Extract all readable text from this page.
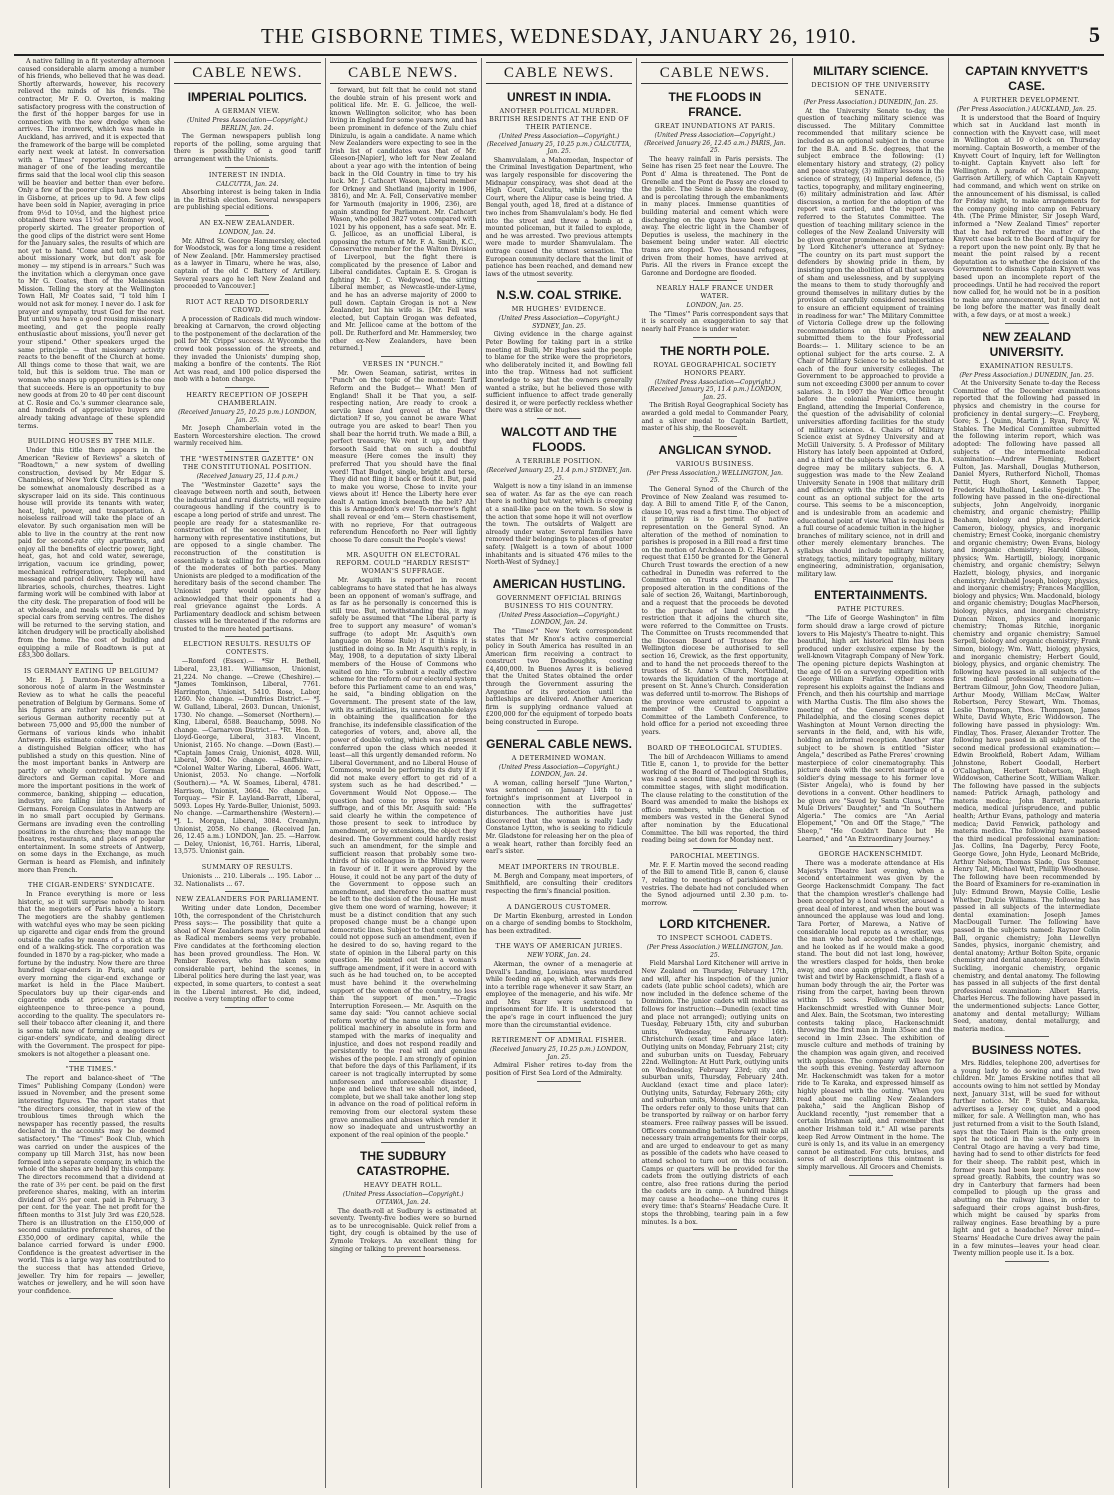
THE GISBORNE TIMES, WEDNESDAY, JANUARY 26, 1910.	5

A native falling in a fit yesterday afternoon caused considerable alarm among a number of his friends, who believed that he was dead. Shortly afterwards, however, his recovery relieved the minds of his friends. The contractor, Mr F. O. Overton, is making satisfactory progress with the construction of the first of the hopper barges for use in connection with the new dredge when she arrives. The ironwork, which was made in Auckland, has arrived, and it is expected that the framework of the barge will be completed early next week at latest. In conversation with a "Times" reporter yesterday, the manager of one of the leading mercantile firms said that the local wool clip this season will be heavier and better than ever before. Only a few of the poorer clips have been sold in Gisborne, at prices up to 9d. A few clips have been sold in Napier, averaging in price from 9½d to 10½d, and the highest price obtained there was 11½d for Romney wool, properly skirted. The greater proportion of the good clips of the district were sent Home for the January sales, the results of which are not yet to hand. "Come and tell my people about missionary work, but don't ask for money — my stipend is in arrears." Such was the invitation which a clergyman once gave to Mr G. Coates, then of the Melanesian Mission. Telling the story at the Wellington Town Hall, Mr Coates said, "I told him I would not ask for money. I never do. I ask for prayer and sympathy, trust God for the rest. But until you have a good rousing missionary meeting, and get the people really enthusiastic about missions, you'll never get your stipend." Other speakers urged the same principle — that missionary activity reacts to the benefit of the Church at home. All things come to those that wait, we are told, but this is seldom true. The man or woman who snaps up opportunities is the one that succeeds. Here is an opportunity to buy new goods at from 20 to 40 per cent discount at C. Rosie and Co.'s summer clearance sale, and hundreds of appreciative buyers are already taking advantage of these splendid terms.

BUILDING HOUSES BY THE MILE.

Under this title there appears in the American "Review of Reviews" a sketch of "Roadtown," a new system of dwelling construction, devised by Mr Edgar S. Chambless, of New York City. Perhaps it may be somewhat anomalously described as a skyscraper laid on its side. This continuous house will provide its tenants with water, heat, light, power, and transportation. A noiseless railroad will take the place of an elevator. By such organisation men will be able to live in the country at the rent now paid for second-rate city apartments, and enjoy all the benefits of electric power, light, heat, gas, hot and cold water, sewerage, irrigation, vacuum ice grinding, power, mechanical refrigeration, telephone, and message and parcel delivery. They will have libraries, schools, churches, theatres. Light farming work will be combined with labor at the city desk. The preparation of food will be at wholesale, and meals will be ordered by special cars from serving centres. The dishes will be returned to the serving station, and kitchen drudgery will be practically abolished from the home. The cost of building and equipping a mile of Roadtown is put at £83,300 dollars.

IS GERMANY EATING UP BELGIUM?

Mr. H. J. Darnton-Fraser sounds a sonorous note of alarm in the Westminster Review as to what he calls the peaceful penetration of Belgium by Germans. Some of his figures are rather remarkable — "A serious German authority recently put at between 75,000 and 95,000 the number of Germans of various kinds who inhabit Antwerp. His estimate coincides with that of a distinguished Belgian officer, who has published a study on this question. Nine of the most important banks in Antwerp are partly or wholly controlled by German directors and German capital. More and more the important positions in the work of commerce, banking, shipping — education, industry, are falling into the hands of Germans. Foreign Consulates in Antwerp are in no small part occupied by Germans. Germans are invading even the controlling positions in the churches; they manage the theatres, restaurants, and places of popular entertainment. In some streets of Antwerp, on some days in the Exchange, as much German is heard as Flemish, and infinitely more than French.

THE CIGAR-ENDERS' SYNDICATE.

In France everything is more or less historic, so it will surprise nobody to learn that the megotiers of Paris have a history. The megotiers are the shabby gentlemen with watchful eyes who may be seen picking up cigarette and cigar ends from the ground outside the cafes by means of a stick at the end of a walking-stick. The corporation was founded in 1870 by a rag-picker, who made a fortune by the industry. Now there are three hundred cigar-enders in Paris, and early every morning the cigar-end exchange or market is held in the Place Maubert. Speculators buy up their cigar-ends and cigarette ends at prices varying from eighteenpence to three-pence a pound, according to the quality. The speculators re-sell their tobacco after cleaning it, and there is some talk now of forming a megotiers or cigar-enders' syndicate, and dealing direct with the Government. The prospect for pipe-smokers is not altogether a pleasant one.

"THE TIMES."

The report and balance-sheet of "The Times" Publishing Company (London) were issued in November, and the present some interesting figures. The report states that "the directors consider, that in view of the troublous times through which the newspaper has recently passed, the results declared in the accounts may be deemed satisfactory." The "Times" Book Club, which was carried on under the auspices of the company up till March 31st, has now been formed into a separate company, in which the whole of the shares are held by this company. The directors recommend that a dividend at the rate of 3½ per cent. be paid on the first preference shares, making, with an interim dividend of 3½ per cent. paid in February, 3 per cent. for the year. The net profit for the fifteen months to 31st July 3rd was £20,528. There is an illustration on the £150,000 of second cumulative preference shares, of the £350,000 of ordinary capital, while the balance carried forward is under £900. Confidence is the greatest advertiser in the world. This is a large way has contributed to the success that has attended Grieve, jeweller. Try him for repairs — jeweller, watches or jewellery, and he will soon have your confidence.

CABLE NEWS.
IMPERIAL POLITICS.
A GERMAN VIEW.
(United Press Association—Copyright.) BERLIN, Jan. 24.

The German newspapers publish long reports of the polling, some arguing that there is possibility of a good tariff arrangement with the Unionists.

INTEREST IN INDIA.
CALCUTTA, Jan. 24.

Absorbing interest is being taken in India in the British election. Several newspapers are publishing special editions.

AN EX-NEW ZEALANDER.
LONDON, Jan. 24.

Mr. Alfred St. George Hammersley, elected for Woodstock, was for a long time a resident of New Zealand. [Mr. Hammersley practised as a lawyer in Timaru, where he was, also, captain of the old C Battery of Artillery. Several years ago he left New Zealand and proceeded to Vancouver.]

RIOT ACT READ TO DISORDERLY CROWD.

A procession of Radicals did much window-breaking at Carnarvon, the crowd objecting to the postponement of the declaration of the poll for Mr. Cripps' success. At Wycombe the crowd took possession of the streets, and they invaded the Unionists' dumping shop, making a bonfire of the contents. The Riot Act was read, and 100 police dispersed the mob with a baton charge.

HEARTY RECEPTION OF JOSEPH CHAMBERLAIN.
(Received January 25, 10.25 p.m.) LONDON, Jan. 25.

Mr. Joseph Chamberlain voted in the Eastern Worcestershire election. The crowd warmly received him.

THE "WESTMINSTER GAZETTE" ON THE CONSTITUTIONAL POSITION.
(Received January 25, 11.4 p.m.)

The "Westminster Gazette" says the cleavage between north and south, between the industrial and rural districts, will require courageous handling if the country is to escape a long period of strife and unrest. The people are ready for a statesmanlike re-construction of the second chamber, in harmony with representative institutions, but are opposed to a single chamber. The reconstruction of the constitution is essentially a task calling for the co-operation of the moderates of both parties. Many Unionists are pledged to a modification of the hereditary basis of the second chamber. The Unionist party would gain if they acknowledged that their opponents had a real grievance against the Lords. A Parliamentary deadlock and schism between classes will be threatened if the reforms are trusted to the more heated partisans.

ELECTION RESULTS. RESULTS OF CONTESTS.

—Romford (Essex).— *Sir H. Bethell, Liberal, 23,181. Williamson, Unionist, 21,224. No change. —Crewe (Cheshire).— *James Tomkinson, Liberal, 7761. Harrington, Unionist, 5410. Rose, Labor, 1260. No change. —Dumfries District.— *J. W. Gulland, Liberal, 2603. Duncan, Unionist, 1730. No change. —Somerset (Northern).— King, Liberal, 6588. Beauchamp, 5098. No change. —Carnarvon District.— *Rt. Hon. D. Lloyd-George, Liberal, 3183. Vincent, Unionist, 2165. No change. —Down (East).— *Captain James Craig, Unionist, 4028. Will, Liberal, 3004. No change. —Banffshire.— *Colonel Walter Waring, Liberal, 4606. Watt, Unionist, 2053. No change. —Norfolk (Southern).— *A. W. Soames, Liberal, 4781. Harrison, Unionist, 3664. No change. —Torquay.— *Sir F. Layland-Barratt, Liberal, 5093. Lopes Hy. Yarde-Buller, Unionist, 5093. No change. —Carmarthenshire (Western).— *J. L. Morgan, Liberal, 3084. Creamlyn, Unionist, 2058. No change. (Received Jan. 26, 12.45 a.m.) LONDON, Jan. 25. —Harrow.— Deley, Unionist, 16,761. Harris, Liberal, 13,575. Unionist gain.

SUMMARY OF RESULTS.

Unionists ... 210. Liberals ... 195. Labor ... 32. Nationalists ... 67.

NEW ZEALANDERS FOR PARLIAMENT.

Writing under date London, December 10th, the correspondent of the Christchurch Press says:— The possibility that quite a shoal of New Zealanders may yet be returned as Radical members seems very probable. Five candidates at the forthcoming election has been proved groundless. The Hon. W. Pember Reeves, who has taken some considerable part, behind the scenes, in Liberal politics here during the last year, was expected, in some quarters, to contest a seat in the Liberal interest. He did, indeed, receive a very tempting offer to come

CABLE NEWS.

forward, but felt that he could not stand the double strain of his present work and political life. Mr. E. G. Jellicoe, the well-known Wellington solicitor, who has been living in England for some years now, and has been prominent in defence of the Zulu chief Dinizulu, is again a candidate. A name which New Zealanders were expecting to see in the Irish list of candidates was that of Mr. Gleeson-[Napier], who left for New Zealand about a year ago with the intention of being back in the Old Country in time to try his luck. Mr. J. Cathcart Wason, Liberal member for Orkney and Shetland (majority in 1906, 3816), and Mr. A. Fell, Conservative member for Yarmouth (majority in 1906, 236), are again standing for Parliament. Mr. Cathcart Wason, who polled 3827 votes compared with 1021 by his opponent, has a safe seat. Mr. E. G. Jellicoe, as an unofficial Liberal, is opposing the return of Mr. F. A. Smith, K.C., Conservative member for the Walton Division of Liverpool, but the fight there is complicated by the presence of Labor and Liberal candidates. Captain E. S. Grogan is fighting Mr. J. C. Wedgwood, the sitting Liberal member, as Newcastle-under-Lyme, and he has an adverse majority of 2000 to pull down. Captain Grogan is not a New Zealander, but his wife is. [Mr. Fell was elected, but Captain Grogan was defeated, and Mr. Jellicoe came at the bottom of the poll. Dr. Rutherford and Mr. Hammersley, two other ex-New Zealanders, have been returned.]

VERSES IN "PUNCH."

Mr. Owen Seaman, satirist, writes in "Punch" on the topic of the moment: Tariff Reform and the Budget— What! Men of England! Shall it be That you, a self-respecting nation, Are ready to crook a servile knee And grovel at the Peers' dictation? If so, you cannot be aware What outrage you are asked to bear! Then you shall bear the horrid truth. We made a Bill, a perfect treasure; We rent it up, and they forsooth Said that on such a doubtful measure (Here comes the insult) they preferred That you should have the final word! That Budget, single, bright and terse, They did not fling it back or flout it. But, paid to make you worse, Chose to invite your views about it! Hence the Liberty here ever dealt A nation knock beneath the belt? Ah! this is Armageddon's eve! To-morrow's fight shall reveal or end 'em— Stern chastisement, with no reprieve, For that outrageous referendum Henceforth no Peer will lightly choose To dare consult the People's views!

MR. ASQUITH ON ELECTORAL REFORM. COULD "HARDLY RESIST" WOMAN'S SUFFRAGE.

Mr. Asquith is reported in recent cablegrams to have stated that he has always been an opponent of woman's suffrage, and as far as he personally is concerned this is still true. But, notwithstanding this, it may safely be assumed that "The Liberal party is free to support any measure" of woman's suffrage (to adopt Mr. Asquith's own language on Home Rule) if it thinks it is justified in doing so. In Mr. Asquith's reply, in May, 1908, to a deputation of sixty Liberal members of the House of Commons who waited on him: "To submit a really effective scheme for the reform of our electoral system before this Parliament came to an end was," he said, "a binding obligation on the Government. The present state of the law, with its artificialities, its unreasonable delays in obtaining the qualification for the franchise, its indefensible classification of the categories of voters, and, above all, the power of double voting, which was at present conferred upon the class which needed it least—all this urgently demanded reform. No Liberal Government, and no Liberal House of Commons, would be performing its duty if it did not make every effort to get rid of a system such as he had described." —Government Would Not Oppose.— The question had come to press for woman's suffrage, and of this Mr. Asquith said: "He said clearly he within the competence of those present to seek to introduce by amendment, or by extensions, the object they desired. The Government could hardly resist such an amendment, for the simple and sufficient reason that probably some two-thirds of his colleagues in the Ministry were in favour of it. If it were approved by the House, it could not be any part of the duty of the Government to oppose such an amendment, and therefore the matter must be left to the decision of the House. He must give them one word of warning, however; it must be a distinct condition that any such proposed change must be a change upon democratic lines. Subject to that condition he could not oppose such an amendment, even if he desired to do so, having regard to the state of opinion in the Liberal party on this question. He pointed out that a woman's suffrage amendment, if it were in accord with such as he had touched on, to be accepted must have behind it the overwhelming support of the women of the country, no less than the support of men." —Tragic Interruption Foreseen.— Mr. Asquith on the same day said: "You cannot achieve social reform worthy of the name unless you have political machinery in absolute in form and stamped with the marks of inequality and injustice, and does not respond readily and persistently to the real will and genuine wishes of the people. I am strongly of opinion that before the days of this Parliament, if its career is not tragically interrupted by some unforeseen and unforeseeable disaster, I hope and believe that we shall not, indeed, complete, but we shall take another long step in advance on the road of political reform in removing from our electoral system these grave anomalies and abuses which render it now so inadequate and untrustworthy an exponent of the real opinion of the people."

THE SUDBURY CATASTROPHE.
HEAVY DEATH ROLL.
(United Press Association—Copyright.) OTTAWA, Jan. 24.

The death-roll at Sudbury is estimated at seventy. Twenty-five bodies were so burned as to be unrecognisable. Quick relief from a tight, dry cough is obtained by the use of Zymole Trokeys. An excellent thing for singing or talking to prevent hoarseness.

CABLE NEWS.
UNREST IN INDIA.
ANOTHER POLITICAL MURDER. BRITISH RESIDENTS AT THE END OF THEIR PATIENCE.
(United Press Association—Copyright.) (Received January 25, 10.25 p.m.) CALCUTTA, Jan. 25.

Shamvulalam, a Mahomedan, Inspector of the Criminal Investigation Department, who was largely responsible for discovering the Midnapur conspiracy, was shot dead at the High Court, Calcutta, while leaving the Court, where the Alipur case is being tried. A Bengal youth, aged 18, fired at a distance of two inches from Shamvulalam's body. He fled into the street and threw a bomb at a mounted policeman, but it failed to explode, and he was arrested. Two previous attempts were made to murder Shamvulalam. The outrage caused the utmost sensation. The European community declare that the limit of patience has been reached, and demand new laws of the utmost severity.

N.S.W. COAL STRIKE.
MR HUGHES' EVIDENCE.
(United Press Association—Copyright.) SYDNEY, Jan. 25.

Giving evidence in the charge against Peter Bowling for taking part in a strike meeting at Bulli, Mr Hughes said the people to blame for the strike were the proprietors, who deliberately incited it, and Bowling fell into the trap. Witness had not sufficient knowledge to say that the owners generally wanted a strike, but he believed those with sufficient influence to affect trade generally desired it, or were perfectly reckless whether there was a strike or not.

WALCOTT AND THE FLOODS.
A TERRIBLE POSITION.
(Received January 25, 11.4 p.m.) SYDNEY, Jan. 25.

Walgett is now a tiny island in an immense sea of water. As far as the eye can reach there is nothing but water, which is creeping at a snail-like pace on the town. So slow is the action that some hope it will not overflow the town. The outskirts of Walgett are already under water. Several families have removed their belongings to places of greater safety. [Walgett is a town of about 1000 inhabitants and is situated 476 miles to the North-West of Sydney.]

AMERICAN HUSTLING.
GOVERNMENT OFFICIAL BRINGS BUSINESS TO HIS COUNTRY.
(United Press Association—Copyright.) LONDON, Jan. 24.

The "Times'" New York correspondent states that Mr Knox's active commercial policy in South America has resulted in an American firm receiving a contract to construct two Dreadnoughts, costing £4,400,000. In Buenos Ayres it is believed that the United States obtained the order through the Government assuring the Argentine of its protection until the battleships are delivered. Another American firm is supplying ordnance valued at £200,000 for the equipment of torpedo boats being constructed in Europe.

GENERAL CABLE NEWS.
A DETERMINED WOMAN.
(United Press Association—Copyright.) LONDON, Jan. 24.

A woman, calling herself "June Warton," was sentenced on January 14th to a fortnight's imprisonment at Liverpool in connection with the suffragettes' disturbances. The authorities have just discovered that the woman is really Lady Constance Lytton, who is seeking to ridicule Mr. Gladstone for releasing her on the plea of a weak heart, rather than forcibly feed an earl's sister.

MEAT IMPORTERS IN TROUBLE.

M. Bergh and Company, meat importers, of Smithfield, are consulting their creditors respecting the firm's financial position.

A DANGEROUS CUSTOMER.

Dr Martin Ekenburg, arrested in London on a charge of sending bombs to Stockholm, has been extradited.

THE WAYS OF AMERICAN JURIES.
NEW YORK, Jan. 24.

Akerman, the owner of a menagerie at Devall's Landing, Louisiana, was murdered while feeding an ape, which afterwards flew into a terrible rage whenever it saw Starr, an employee of the menagerie, and his wife. Mr and Mrs Starr were sentenced to imprisonment for life. It is understood that the ape's rage in court influenced the jury more than the circumstantial evidence.

RETIREMENT OF ADMIRAL FISHER.
(Received January 25, 10.25 p.m.) LONDON, Jan. 25.

Admiral Fisher retires to-day from the position of First Sea Lord of the Admiralty.

CABLE NEWS.
THE FLOODS IN FRANCE.
GREAT INUNDATIONS AT PARIS.
(United Press Association—Copyright.) (Received January 26, 12.45 a.m.) PARIS, Jan. 25.

The heavy rainfall in Paris persists. The Seine has risen 25 feet near the Louvre. The Pont d' Alma is threatened. The Pont de Grenelle and the Pont de Passy are closed to the public. The Seine is above the roadway, and is percolating through the embankments in many places. Immense quantities of building material and cement which were discharging on the quays have been swept away. The electric light in the Chamber of Deputies is useless, the machinery in the basement being under water. All electric trams are stopped. Two thousand refugees, driven from their homes, have arrived at Paris. All the rivers in France except the Garonne and Dordogne are flooded.

NEARLY HALF FRANCE UNDER WATER.
LONDON, Jan. 25.

The "Times'" Paris correspondent says that it is scarcely an exaggeration to say that nearly half France is under water.

THE NORTH POLE.
ROYAL GEOGRAPHICAL SOCIETY HONORS PEARY.
(United Press Association—Copyright.) (Received January 25, 11.4 p.m.) LONDON, Jan. 25.

The British Royal Geographical Society has awarded a gold medal to Commander Peary, and a silver medal to Captain Bartlett, master of his ship, the Roosevelt.

ANGLICAN SYNOD.
VARIOUS BUSINESS.
(Per Press Association.) WELLINGTON, Jan. 25.

The General Synod of the Church of the Province of New Zealand was resumed to-day. A Bill to amend Title F, of the Canon, clause 10, was read a first time. The object of it primarily is to permit of native representation on the General Synod. An alteration of the method of nomination to parishes is proposed in a Bill read a first time on the motion of Archdeacon D. C. Harper. A request that £150 be granted for the General Church Trust towards the erection of a new cathedral in Dunedin was referred to the Committee on Trusts and Finance. The proposed alteration in the conditions of the sale of section 26, Waitangi, Martinborough, and a request that the proceeds be devoted to the purchase of land without the restriction that it adjoins the church site, were referred to the Committee on Trusts. The Committee on Trusts recommended that the Diocesan Board of Trustees for the Wellington diocese be authorised to sell section 16, Crewick, as the first opportunity, and to hand the net proceeds thereof to the trustees of St. Anne's Church, Northland, towards the liquidation of the mortgage at present on St. Anne's Church. Consideration was deferred until to-morrow. The Bishops of the province were entrusted to appoint a member of the Central Consultative Committee of the Lambeth Conference, to hold office for a period not exceeding three years.

BOARD OF THEOLOGICAL STUDIES.

The bill of Archdeacon Williams to amend Title E, canon 1, to provide for the better working of the Board of Theological Studies, was read a second time, and put through its committee stages, with slight modification. The clause relating to the constitution of the Board was amended to make the bishops ex officio members, while the election of members was vested in the General Synod after nomination by the Educational Committee. The bill was reported, the third reading being set down for Monday next.

PAROCHIAL MEETINGS.

Mr. F. F. Martin moved the second reading of the Bill to amend Title B, canon 6, clause 7, relating to meetings of parishioners or vestries. The debate had not concluded when the Synod adjourned until 2.30 p.m. to-morrow.

LORD KITCHENER.
TO INSPECT SCHOOL CADETS.
(Per Press Association.) WELLINGTON, Jan. 25.

Field Marshal Lord Kitchener will arrive in New Zealand on Thursday, February 17th, and will, after his inspection of the junior cadets (late public school cadets), which are now included in the defence scheme of the Dominion. The junior cadets will mobilise as follows for instruction:—Dunedin (exact time and place not arranged); outlying units on Tuesday, February 15th, city and suburban units, Wednesday, February 16th. Christchurch (exact time and place later): Outlying units on Monday, February 21st; city and suburban units on Tuesday, February 22nd. Wellington: At Hutt Park, outlying units on Wednesday, February 23rd; city and suburban units, Thursday, February 24th. Auckland (exact time and place later): Outlying units, Saturday, February 26th; city and suburban units, Monday, February 28th. The orders refer only to those units that can be transported by railway or on harbor ferry steamers. Free railway passes will be issued. Officers commanding battalions will make all necessary train arrangements for their corps, and are urged to endeavour to get as many as possible of the cadets who have ceased to attend school to turn out on this occasion. Camps or quarters will be provided for the cadets from the outlying districts of each centre, also free rations during the period the cadets are in camp. A hundred things may cause a headache—one thing cures it every time: that's Stearns' Headache Cure. It stops the throbbing, tearing pain in a few minutes. Is a box.

MILITARY SCIENCE.
DECISION OF THE UNIVERSITY SENATE.
(Per Press Association.) DUNEDIN, Jan. 25.

At the University Senate to-day, the question of teaching military science was discussed. The Military Committee recommended that military science be included as an optional subject in the course for the B.A. and B.Sc. degrees, that the subject embrace the following: (1) elementary history and strategy, (2) policy and peace strategy, (3) military lessons in the science of strategy, (4) Imperial defence, (5) tactics, topography, and military engineering, (6) military administration and law. After discussion, a motion for the adoption of the report was carried, and the report was referred to the Statutes Committee. The question of teaching military science in the colleges of the New Zealand University will be given greater prominence and importance by Lord Kitchener's utterance at Sydney: "The country on its part must support the defenders by showing pride in them, by insisting upon the abolition of all that savours of sham and uselessness, and by supplying the means to them to study thoroughly and ground themselves in military duties by the provision of carefully considered necessities to ensure an efficient equipment of training in readiness for war." The Military Committee of Victoria College drew up the following recommendations on this subject, and submitted them to the four Professorial Boards:— 1. Military science to be an optional subject for the arts course. 2. A Chair of Military Science to be established at each of the four university colleges. The Government to be approached to provide a sum not exceeding £3000 per annum to cover salaries. 3. In 1907 the War Office brought before the colonial Premiers, then in England, attending the Imperial Conference, the question of the advisability of colonial universities affording facilities for the study of military science. 4. Chairs of Military Science exist at Sydney University and at McGill University. 5. A Professor of Military History has lately been appointed at Oxford, and a third of the subjects taken for the B.A. degree may be military subjects. 6. A suggestion was made to the New Zealand University Senate in 1908 that military drill and efficiency with the rifle be allowed to count as an optional subject for the arts course. This seems to be a misconception, and is undesirable from an academic and educational point of view. What is required is a full course of academic tuition in the higher branches of military science, not in drill and other merely elementary branches. The syllabus should include military history, strategy, tactics, military topography, military engineering, administration, organisation, military law.

ENTERTAINMENTS.
PATHE PICTURES.

"The Life of George Washington" in film form should draw a large crowd of picture lovers to His Majesty's Theatre to-night. This beautiful, high art historical film has been produced under exclusive expense by the well-known Vitagraph Company of New York. The opening picture depicts Washington at the age of 16 on a surveying expedition with George William Fairfax. Other scenes represent his exploits against the Indians and French, and then his courtship and marriage with Martha Custis. The film also shows the meeting of the General Congress at Philadelphia, and the closing scenes depict Washington at Mount Vernon directing the servants in the field, and, with his wife, holding an informal reception. Another star subject to be shown is entitled "Sister Angela," described as Pathe Freres' crowning masterpiece of color cinematography. This picture deals with the secret marriage of a soldier's dying message to his former love (Sister Angela), who is found by her devotions in a convent. Other headliners to be given are "Saved by Santa Claus," "The Mule Drivers' Daughter," and "In Southern Algeria." The comics are "An Aerial Elopement," "On and Off the Stage," "The Sheep," "He Couldn't Dance but He Learned," and "An Extraordinary Journey."

GEORGE HACKENSCHMIDT.

There was a moderate attendance at His Majesty's Theatre last evening, when a second entertainment was given by the George Hackenschmidt Company. The fact that the champion wrestler's challenge had been accepted by a local wrestler, aroused a great deal of interest, and when the bout was announced the applause was loud and long. Tara Porter, of Marewa, a Native of considerable local repute as a wrestler, was the man who had accepted the challenge, and he looked as if he would make a good stand. The bout did not last long, however, the wrestlers clasped for holds, then broke away, and once again gripped. There was a twist and twirl by Hackenschmidt, a flash of a human body through the air, the Porter was rising from the carpet, having been thrown within 15 secs. Following this bout, Hackenschmidt wrestled with Gunner Moir and Alex. Bain, the Scotsman, two interesting contests taking place, Hackenschmidt throwing the first man in 3min 35sec and the second in 1min 23sec. The exhibition of muscle culture and methods of training by the champion was again given, and received with applause. The company will leave for the south this evening. Yesterday afternoon Mr. Hackenschmidt was taken for a motor ride to Te Karaka, and expressed himself as highly pleased with the outing. "When you read about me calling New Zealanders pakeha," said the Anglican Bishop of Auckland recently, "just remember that a certain Irishman said, and remember that another Irishman told it." All wise parents keep Red Arrow Ointment in the home. The cure is only 1s, and its value in an emergency cannot be estimated. For cuts, bruises, and sores of all descriptions this ointment is simply marvellous. All Grocers and Chemists.

CAPTAIN KNYVETT'S CASE.
A FURTHER DEVELOPMENT.
(Per Press Association.) AUCKLAND, Jan. 25.

It is understood that the Board of Inquiry which sat in Auckland last month in connection with the Knyvett case, will meet in Wellington at 10 o'clock on Thursday morning. Captain Bosworth, a member of the Knyvett Court of Inquiry, left for Wellington to-night. Captain Knyvett also left for Wellington. A parade of No. 1 Company, Garrison Artillery, of which Captain Knyvett had command, and which went on strike on the announcement of his dismissal, is called for Friday night, to make arrangements for the company going into camp on February 4th. (The Prime Minister, Sir Joseph Ward, informed a "New Zealand Times" reporter that he had referred the matter of the Knyvett case back to the Board of Inquiry for a report upon the new point only. By that he meant the point raised by a recent deputation as to whether the decision of the Government to dismiss Captain Knyvett was based upon an incomplete report of the proceedings. Until he had received the report now called for, he would not be in a position to make any announcement, but it could not be long before the matter was finally dealt with, a few days, or at most a week.)

NEW ZEALAND UNIVERSITY.
EXAMINATION RESULTS.
(Per Press Association.) DUNEDIN, Jan. 25.

At the University Senate to-day the Recess Committee of the December examinations reported that the following had passed in physics and chemistry in the course for proficiency in dental surgery:—C. Freyberg, Gore; S. J. Quinn, Martin J. Ryan, Percy W. Stables. The Medical Committee submitted the following interim report, which was adopted: The following have passed all subjects of the intermediate medical examination:—Andrew Fleming, Robert Fulton, Jas. Marshall, Douglas Mutherson, Daniel Myers, Rutherford Nicholl, Thomas Pettit, Hugh Short, Kenneth Tapper, Frederick Mulholland, Leslie Speight. The following have passed in the one-directional subjects, John Angelvoidy, inorganic chemistry, and organic chemistry; Phillip Beaham, biology and physics; Frederick Cameron, biology, physics, and inorganic chemistry; Ernest Cooke, inorganic chemistry and organic chemistry; Owen Evans, biology and inorganic chemistry; Harold Gibson, physics; Wm. Hartigill, biology, inorganic chemistry, and organic chemistry; Selwyn Hazlett, biology, physics, and inorganic chemistry; Archibald Joseph, biology, physics, and inorganic chemistry; Frances Macglllon, biology and physics; Wm. Macdonald, biology and organic chemistry; Douglas MacPherson, biology, physics, and inorganic chemistry; Duncan Nixon, physics and inorganic chemistry; Thomas Ritchie, inorganic chemistry and organic chemistry; Samuel Serpell, biology and organic chemistry; Frank Simon, biology; Wm. Watt, biology, physics, and inorganic chemistry; Herbert Gould, biology, physics, and organic chemistry. The following have passed in all subjects of the first medical professional examination:—Bertram Gilmour, John Gow, Theodore Julian, Arthur Moody, William McCaw, Walter Robertson, Percy Stewart, Wm. Thomas, Leslie Thompson, Thos. Thompson, James White, David Whyte, Eric Widdowson. The following have passed in physiology: Wm. Findlay, Thos. Fraser, Alexander Trotter. The following have passed in all subjects of the second medical professional examination:—Edwin Brookfield, Robert Adam, William Johnstone, Robert Goodall, Herbert O'Callaghan, Herbert Robertson, Hugh Widdowson, Catherine Scott, William Walker. The following have passed in the subjects named: Patrick Arnagh, pathology and materia medica; John Barrett, materia medica, medical jurisprudence, and public health; Arthur Evans, pathology and materia medica; David Fenwick, pathology and materia medica. The following have passed the third medical professional examination: Jas. Collins, Ina Dagerby, Percy Foote, George Gowe, John Hyde, Leonard McBride, Arthur Nelson, Thomas Slade, Gus Stenner, Henry Tait, Michael Watt, Phillip Woodhouse. The following have been recommended by the Board of Examiners for re-examination in July: Edmund Brown, Maysie Collie, Leslie Whether, Dulcie Williams. The following has passed in all subjects of the intermediate dental examination: Joseph James MacDougall Turner. The following have passed in the subjects named: Raynor Colin Ball, organic chemistry; John Llewellyn Sandes, physics, inorganic chemistry, and dental anatomy; Arthur Bolton Spite, organic chemistry and dental anatomy; Horace Edwin Suckling, inorganic chemistry, organic chemistry, and dental anatomy. The following has passed in all subjects of the first dental professional examination: Albert Harris, Charles Hercus. The following have passed in the undermentioned subjects: Lance Gotter, anatomy and dental metallurgy; William Seed, anatomy, dental metallurgy, and materia medica.

BUSINESS NOTES.

Mrs. Riddles, telephone 200, advertises for a young lady to do sewing and mind two children. Mr. James Erskine notifies that all accounts owing to him not settled by Monday next, January 31st, will be sued for without further notice. Mr. P. Stubbs, Makaraka, advertises a Jersey cow, quiet and a good milker, for sale. A Wellington man, who has just returned from a visit to the South Island, says that the Taieri Plain is the only green spot he noticed in the south. Farmers in Central Otago are having a very bad time, having had to send to other districts for feed for their sheep. The rabbit pest, which in former years had been kept under, has now spread greatly. Rabbits, the country was so dry in Canterbury that farmers had been compelled to plough up the grass and abutting on the railway lines, in order to safeguard their crops against bush-fires, which might be caused by sparks from railway engines. Ease breathing by a pure light and get a headache? Never mind—Stearns' Headache Cure drives away the pain in a few minutes—leaves your head clear. Twenty million people use it. Is a box.
